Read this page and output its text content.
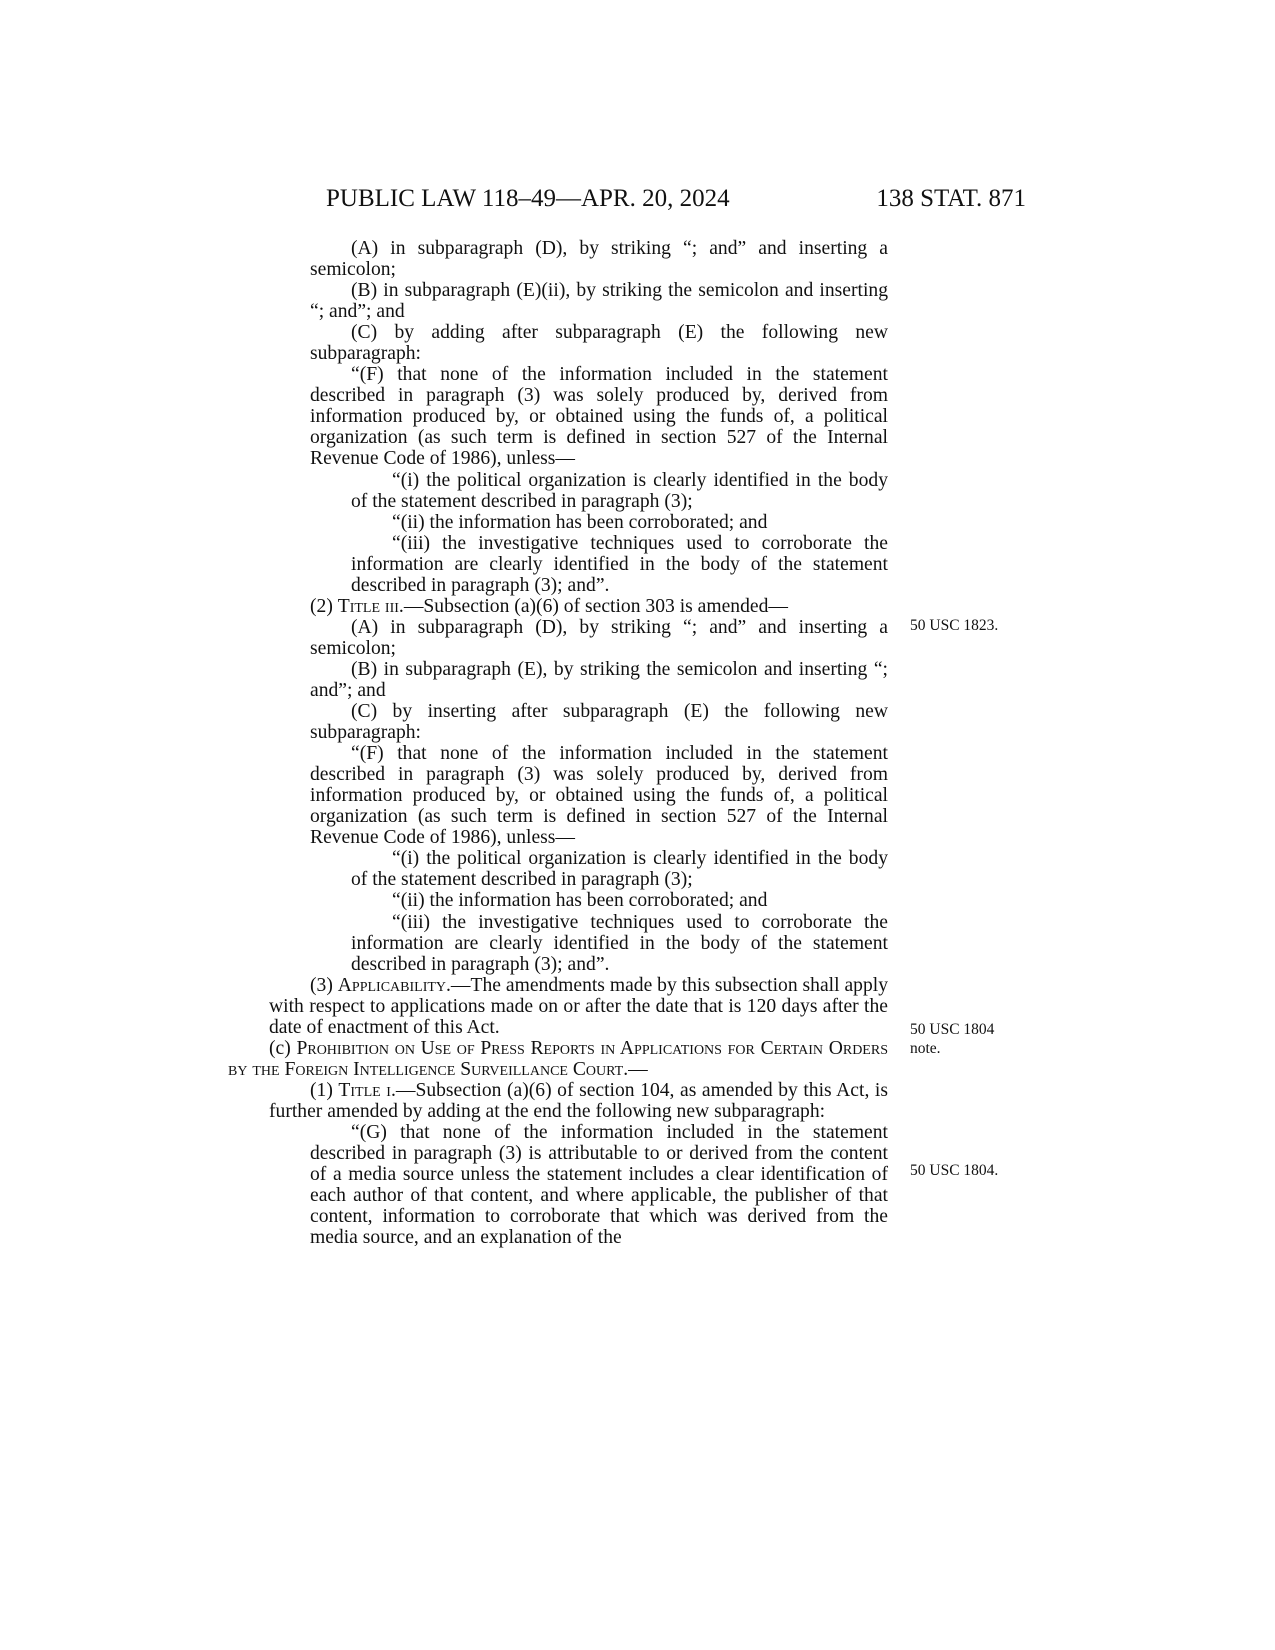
PUBLIC LAW 118–49—APR. 20, 2024	138 STAT. 871

(A) in subparagraph (D), by striking “; and” and inserting a semicolon;

(B) in subparagraph (E)(ii), by striking the semicolon and inserting “; and”; and

(C) by adding after subparagraph (E) the following new subparagraph:

“(F) that none of the information included in the statement described in paragraph (3) was solely produced by, derived from information produced by, or obtained using the funds of, a political organization (as such term is defined in section 527 of the Internal Revenue Code of 1986), unless—

“(i) the political organization is clearly identified in the body of the statement described in paragraph (3);

“(ii) the information has been corroborated; and

“(iii) the investigative techniques used to corroborate the information are clearly identified in the body of the statement described in paragraph (3); and”.

(2) Title iii.—Subsection (a)(6) of section 303 is amended—

(A) in subparagraph (D), by striking “; and” and inserting a semicolon;

(B) in subparagraph (E), by striking the semicolon and inserting “; and”; and

(C) by inserting after subparagraph (E) the following new subparagraph:

“(F) that none of the information included in the statement described in paragraph (3) was solely produced by, derived from information produced by, or obtained using the funds of, a political organization (as such term is defined in section 527 of the Internal Revenue Code of 1986), unless—

“(i) the political organization is clearly identified in the body of the statement described in paragraph (3);

“(ii) the information has been corroborated; and

“(iii) the investigative techniques used to corroborate the information are clearly identified in the body of the statement described in paragraph (3); and”.

(3) Applicability.—The amendments made by this subsection shall apply with respect to applications made on or after the date that is 120 days after the date of enactment of this Act.

(c) Prohibition on Use of Press Reports in Applications for Certain Orders by the Foreign Intelligence Surveillance Court.—

(1) Title i.—Subsection (a)(6) of section 104, as amended by this Act, is further amended by adding at the end the following new subparagraph:

“(G) that none of the information included in the statement described in paragraph (3) is attributable to or derived from the content of a media source unless the statement includes a clear identification of each author of that content, and where applicable, the publisher of that content, information to corroborate that which was derived from the media source, and an explanation of the

50 USC 1823.
50 USC 1804
note.
50 USC 1804.
